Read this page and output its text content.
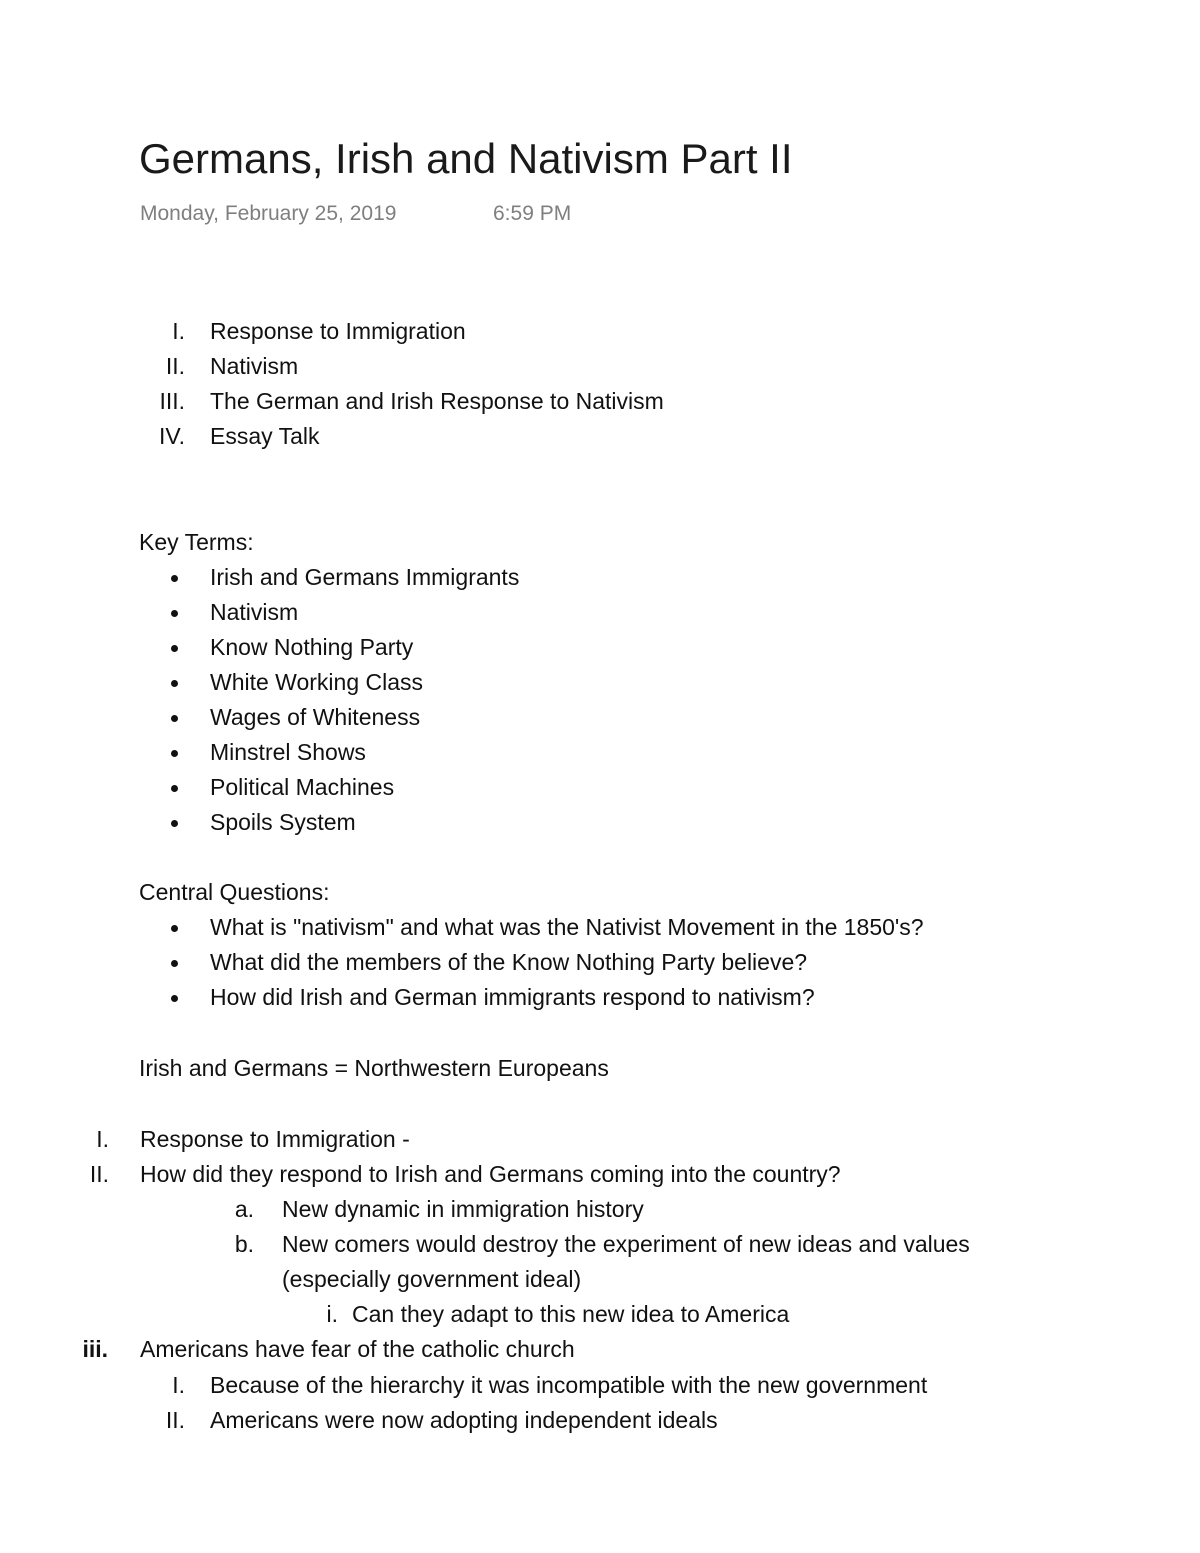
Germans, Irish and Nativism Part II
Monday, February 25, 2019	6:59 PM
I. Response to Immigration
II. Nativism
III. The German and Irish Response to Nativism
IV. Essay Talk
Key Terms:
Irish and Germans Immigrants
Nativism
Know Nothing Party
White Working Class
Wages of Whiteness
Minstrel Shows
Political Machines
Spoils System
Central Questions:
What is "nativism" and what was the Nativist Movement in the 1850's?
What did the members of the Know Nothing Party believe?
How did Irish and German immigrants respond to nativism?
Irish and Germans = Northwestern Europeans
I. Response to Immigration -
II. How did they respond to Irish and Germans coming into the country?
a. New dynamic in immigration history
b. New comers would destroy the experiment of new ideas and values
(especially government ideal)
i. Can they adapt to this new idea to America
iii. Americans have fear of the catholic church
I. Because of the hierarchy it was incompatible with the new government
II. Americans were now adopting independent ideals
